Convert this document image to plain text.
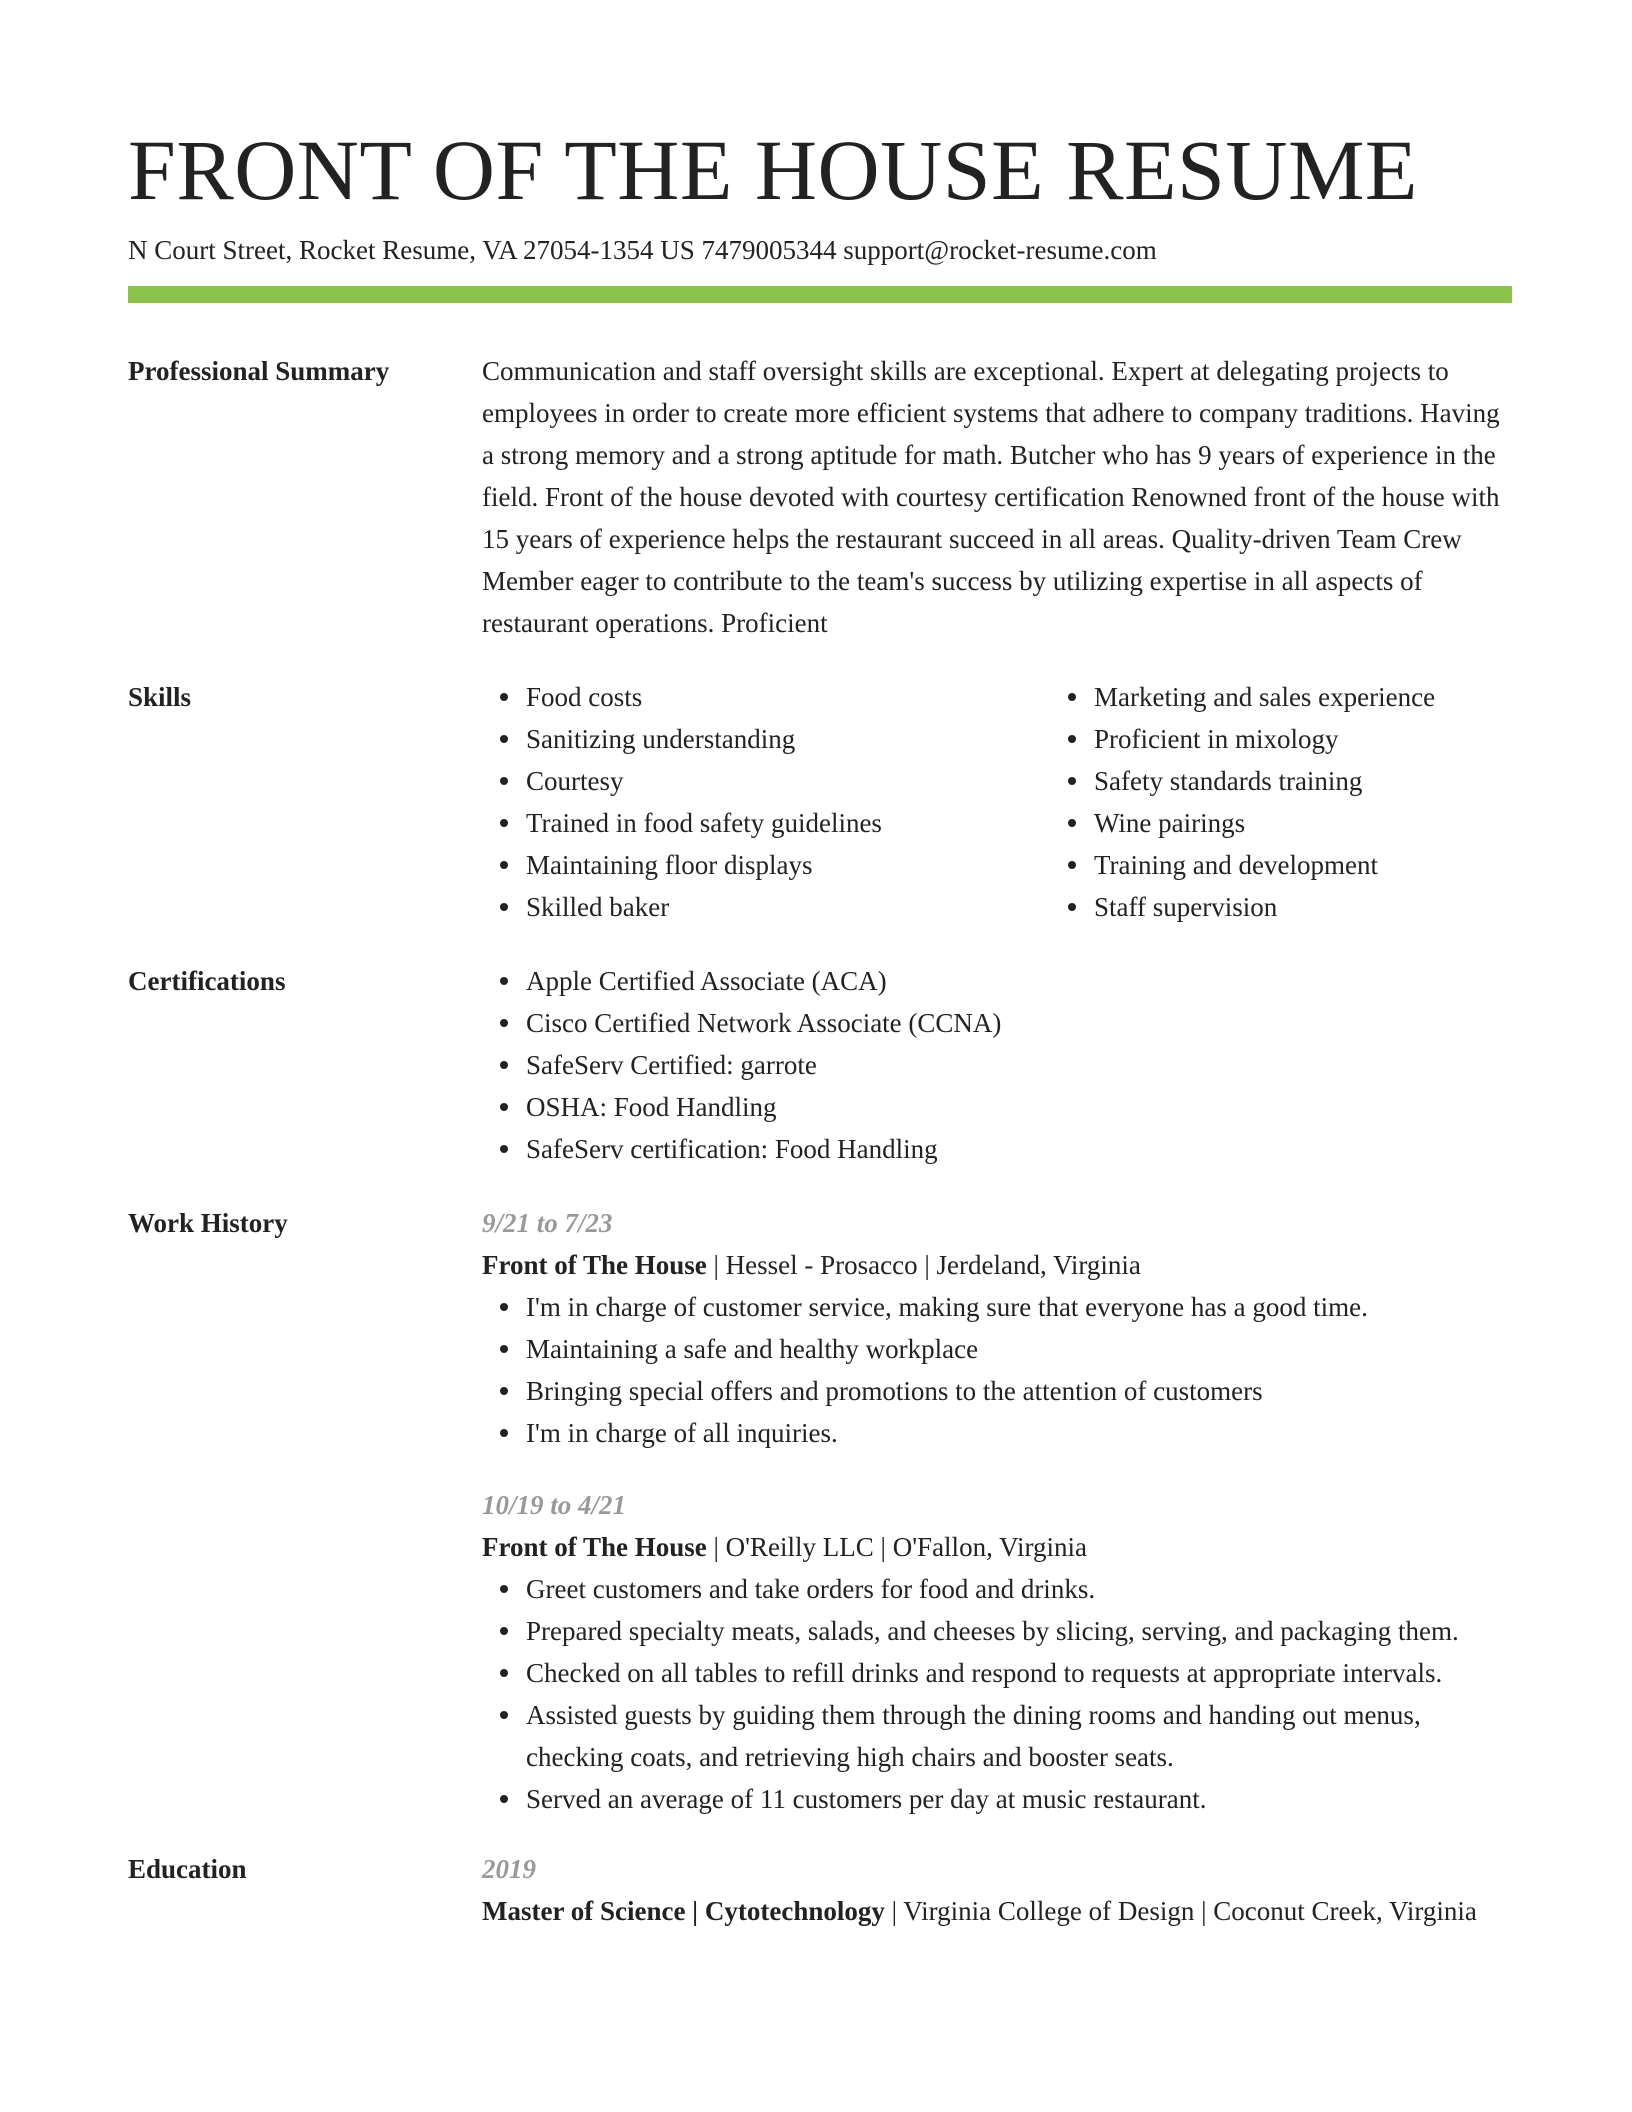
FRONT OF THE HOUSE RESUME
N Court Street, Rocket Resume, VA 27054-1354 US 7479005344 support@rocket-resume.com
Professional Summary	Communication and staff oversight skills are exceptional. Expert at delegating projects to employees in order to create more efficient systems that adhere to company traditions. Having a strong memory and a strong aptitude for math. Butcher who has 9 years of experience in the field. Front of the house devoted with courtesy certification Renowned front of the house with 15 years of experience helps the restaurant succeed in all areas. Quality-driven Team Crew Member eager to contribute to the team's success by utilizing expertise in all aspects of restaurant operations. Proficient

Skills	Food costs
Sanitizing understanding
Courtesy
Trained in food safety guidelines
Maintaining floor displays
Skilled baker
Marketing and sales experience
Proficient in mixology
Safety standards training
Wine pairings
Training and development
Staff supervision
Certifications	Apple Certified Associate (ACA)
Cisco Certified Network Associate (CCNA)
SafeServ Certified: garrote
OSHA: Food Handling
SafeServ certification: Food Handling
Work History	9/21 to 7/23
Front of The House | Hessel - Prosacco | Jerdeland, Virginia
I'm in charge of customer service, making sure that everyone has a good time.
Maintaining a safe and healthy workplace
Bringing special offers and promotions to the attention of customers
I'm in charge of all inquiries.
10/19 to 4/21
Front of The House | O'Reilly LLC | O'Fallon, Virginia
Greet customers and take orders for food and drinks.
Prepared specialty meats, salads, and cheeses by slicing, serving, and packaging them.
Checked on all tables to refill drinks and respond to requests at appropriate intervals.
Assisted guests by guiding them through the dining rooms and handing out menus, checking coats, and retrieving high chairs and booster seats.
Served an average of 11 customers per day at music restaurant.
Education	2019
Master of Science | Cytotechnology | Virginia College of Design | Coconut Creek, Virginia
